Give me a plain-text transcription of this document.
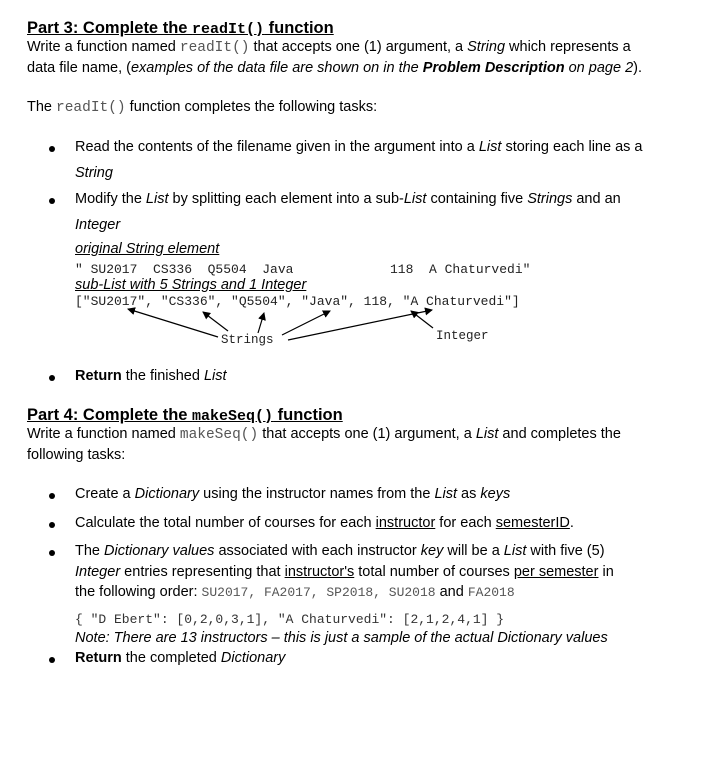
Part 3: Complete the readIt() function
Write a function named readIt() that accepts one (1) argument, a String which represents a
data file name, (examples of the data file are shown on in the Problem Description on page 2).
The readIt() function completes the following tasks:
Read the contents of the filename given in the argument into a List storing each line as a
String
Modify the List by splitting each element into a sub-List containing five Strings and an
Integer
original String element
" SU2017  CS336  Q5504  Java	118  A Chaturvedi"
sub-List with 5 Strings and 1 Integer
["SU2017", "CS336", "Q5504", "Java", 118, "A Chaturvedi"]
Strings	Integer
Return the finished List
Part 4: Complete the makeSeq() function
Write a function named makeSeq() that accepts one (1) argument, a List and completes the
following tasks:
Create a Dictionary using the instructor names from the List as keys
Calculate the total number of courses for each instructor for each semesterID.
The Dictionary values associated with each instructor key will be a List with five (5)
Integer entries representing that instructor's total number of courses per semester in
the following order: SU2017, FA2017, SP2018, SU2018 and FA2018
{ "D Ebert": [0,2,0,3,1], "A Chaturvedi": [2,1,2,4,1] }
Note: There are 13 instructors – this is just a sample of the actual Dictionary values
Return the completed Dictionary
